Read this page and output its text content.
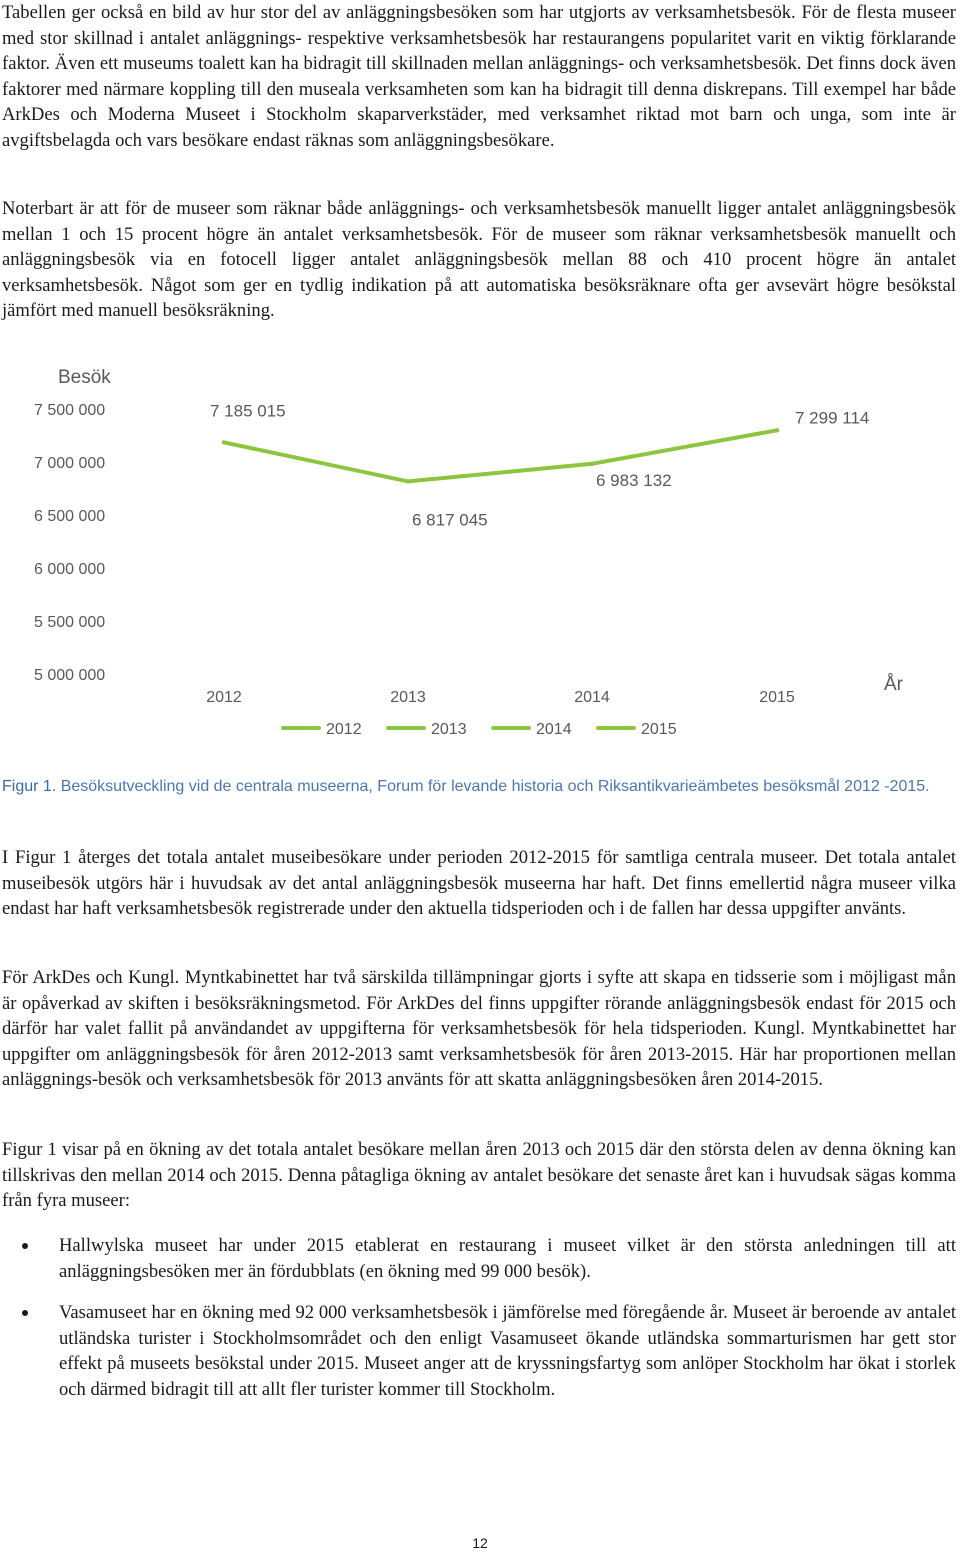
Tabellen ger också en bild av hur stor del av anläggningsbesöken som har utgjorts av verksamhetsbesök. För de flesta museer med stor skillnad i antalet anläggnings- respektive verksamhetsbesök har restaurangens popularitet varit en viktig förklarande faktor. Även ett museums toalett kan ha bidragit till skillnaden mellan anläggnings- och verksamhetsbesök. Det finns dock även faktorer med närmare koppling till den museala verksamheten som kan ha bidragit till denna diskrepans. Till exempel har både ArkDes och Moderna Museet i Stockholm skaparverkstäder, med verksamhet riktad mot barn och unga, som inte är avgiftsbelagda och vars besökare endast räknas som anläggningsbesökare.

Noterbart är att för de museer som räknar både anläggnings- och verksamhetsbesök manuellt ligger antalet anläggningsbesök mellan 1 och 15 procent högre än antalet verksamhetsbesök. För de museer som räknar verksamhetsbesök manuellt och anläggningsbesök via en fotocell ligger antalet anläggningsbesök mellan 88 och 410 procent högre än antalet verksamhetsbesök. Något som ger en tydlig indikation på att automatiska besöksräknare ofta ger avsevärt högre besökstal jämfört med manuell besöksräkning.

Besök
År
5 000 000
5 500 000
6 000 000
6 500 000
7 000 000
7 500 000
2012	2013	2014	2015
7 185 015
6 817 045
6 983 132
7 299 114
2012	2013	2014	2015

Figur 1. Besöksutveckling vid de centrala museerna, Forum för levande historia och Riksantikvarieämbetes besöksmål 2012 -2015.

I Figur 1 återges det totala antalet museibesökare under perioden 2012-2015 för samtliga centrala museer. Det totala antalet museibesök utgörs här i huvudsak av det antal anläggningsbesök museerna har haft. Det finns emellertid några museer vilka endast har haft verksamhetsbesök registrerade under den aktuella tidsperioden och i de fallen har dessa uppgifter använts.

För ArkDes och Kungl. Myntkabinettet har två särskilda tillämpningar gjorts i syfte att skapa en tidsserie som i möjligast mån är opåverkad av skiften i besöksräkningsmetod. För ArkDes del finns uppgifter rörande anläggningsbesök endast för 2015 och därför har valet fallit på användandet av uppgifterna för verksamhetsbesök för hela tidsperioden. Kungl. Myntkabinettet har uppgifter om anläggningsbesök för åren 2012-2013 samt verksamhetsbesök för åren 2013-2015. Här har proportionen mellan anläggnings-besök och verksamhetsbesök för 2013 använts för att skatta anläggningsbesöken åren 2014-2015.

Figur 1 visar på en ökning av det totala antalet besökare mellan åren 2013 och 2015 där den största delen av denna ökning kan tillskrivas den mellan 2014 och 2015. Denna påtagliga ökning av antalet besökare det senaste året kan i huvudsak sägas komma från fyra museer:

Hallwylska museet har under 2015 etablerat en restaurang i museet vilket är den största anledningen till att anläggningsbesöken mer än fördubblats (en ökning med 99 000 besök).

Vasamuseet har en ökning med 92 000 verksamhetsbesök i jämförelse med föregående år. Museet är beroende av antalet utländska turister i Stockholmsområdet och den enligt Vasamuseet ökande utländska sommarturismen har gett stor effekt på museets besökstal under 2015. Museet anger att de kryssningsfartyg som anlöper Stockholm har ökat i storlek och därmed bidragit till att allt fler turister kommer till Stockholm.

12
